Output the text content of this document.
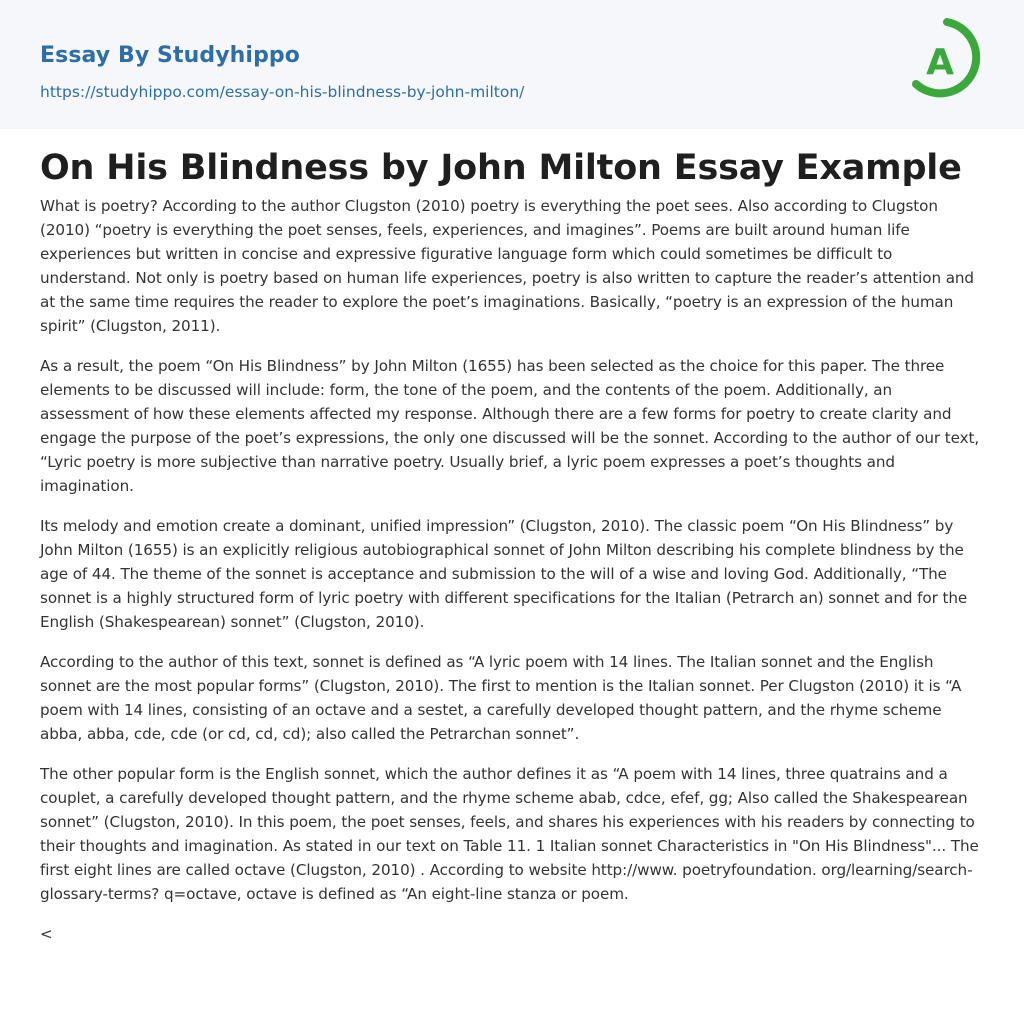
Essay By Studyhippo
https://studyhippo.com/essay-on-his-blindness-by-john-milton/
A
On His Blindness by John Milton Essay Example

What is poetry? According to the author Clugston (2010) poetry is everything the poet sees. Also according to Clugston (2010) “poetry is everything the poet senses, feels, experiences, and imagines”. Poems are built around human life experiences but written in concise and expressive figurative language form which could sometimes be difficult to understand. Not only is poetry based on human life experiences, poetry is also written to capture the reader’s attention and at the same time requires the reader to explore the poet’s imaginations. Basically, “poetry is an expression of the human spirit” (Clugston, 2011).

As a result, the poem “On His Blindness” by John Milton (1655) has been selected as the choice for this paper. The three elements to be discussed will include: form, the tone of the poem, and the contents of the poem. Additionally, an assessment of how these elements affected my response. Although there are a few forms for poetry to create clarity and engage the purpose of the poet’s expressions, the only one discussed will be the sonnet. According to the author of our text, “Lyric poetry is more subjective than narrative poetry. Usually brief, a lyric poem expresses a poet’s thoughts and imagination.

Its melody and emotion create a dominant, unified impression” (Clugston, 2010). The classic poem “On His Blindness” by John Milton (1655) is an explicitly religious autobiographical sonnet of John Milton describing his complete blindness by the age of 44. The theme of the sonnet is acceptance and submission to the will of a wise and loving God. Additionally, “The sonnet is a highly structured form of lyric poetry with different specifications for the Italian (Petrarch an) sonnet and for the English (Shakespearean) sonnet” (Clugston, 2010).

According to the author of this text, sonnet is defined as “A lyric poem with 14 lines. The Italian sonnet and the English sonnet are the most popular forms” (Clugston, 2010). The first to mention is the Italian sonnet. Per Clugston (2010) it is “A poem with 14 lines, consisting of an octave and a sestet, a carefully developed thought pattern, and the rhyme scheme abba, abba, cde, cde (or cd, cd, cd); also called the Petrarchan sonnet”.

The other popular form is the English sonnet, which the author defines it as “A poem with 14 lines, three quatrains and a couplet, a carefully developed thought pattern, and the rhyme scheme abab, cdce, efef, gg; Also called the Shakespearean sonnet” (Clugston, 2010). In this poem, the poet senses, feels, and shares his experiences with his readers by connecting to their thoughts and imagination. As stated in our text on Table 11. 1 Italian sonnet Characteristics in "On His Blindness"... The first eight lines are called octave (Clugston, 2010) . According to website http://www. poetryfoundation. org/learning/search-glossary-terms? q=octave, octave is defined as “An eight-line stanza or poem.

<
